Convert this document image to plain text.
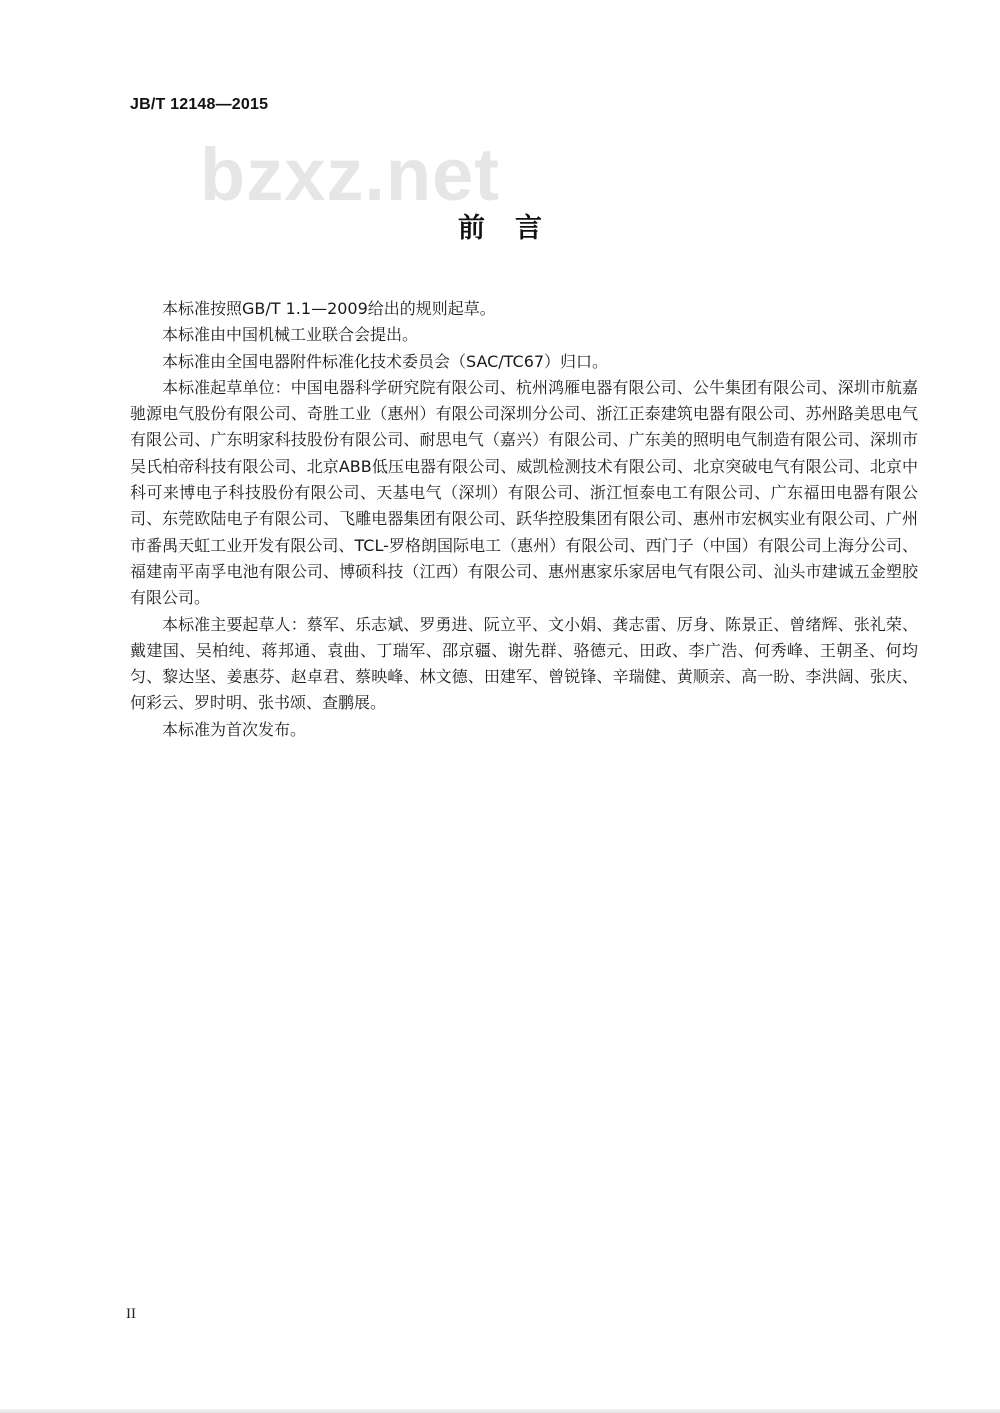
JB/T 12148—2015
bzxz.net
前言

本标准按照GB/T 1.1—2009给出的规则起草。

本标准由中国机械工业联合会提出。

本标准由全国电器附件标准化技术委员会（SAC/TC67）归口。

本标准起草单位：中国电器科学研究院有限公司、杭州鸿雁电器有限公司、公牛集团有限公司、深圳市航嘉驰源电气股份有限公司、奇胜工业（惠州）有限公司深圳分公司、浙江正泰建筑电器有限公司、苏州路美思电气有限公司、广东明家科技股份有限公司、耐思电气（嘉兴）有限公司、广东美的照明电气制造有限公司、深圳市吴氏柏帝科技有限公司、北京ABB低压电器有限公司、威凯检测技术有限公司、北京突破电气有限公司、北京中科可来博电子科技股份有限公司、天基电气（深圳）有限公司、浙江恒泰电工有限公司、广东福田电器有限公司、东莞欧陆电子有限公司、飞雕电器集团有限公司、跃华控股集团有限公司、惠州市宏枫实业有限公司、广州市番禺天虹工业开发有限公司、TCL-罗格朗国际电工（惠州）有限公司、西门子（中国）有限公司上海分公司、福建南平南孚电池有限公司、博硕科技（江西）有限公司、惠州惠家乐家居电气有限公司、汕头市建诚五金塑胶有限公司。

本标准主要起草人：蔡军、乐志斌、罗勇进、阮立平、文小娟、龚志雷、厉身、陈景正、曾绪辉、张礼荣、戴建国、吴柏纯、蒋邦通、袁曲、丁瑞军、邵京疆、谢先群、骆德元、田政、李广浩、何秀峰、王朝圣、何均匀、黎达坚、姜惠芬、赵卓君、蔡映峰、林文德、田建军、曾锐锋、辛瑞健、黄顺亲、高一盼、李洪阔、张庆、何彩云、罗时明、张书颂、查鹏展。

本标准为首次发布。

II
